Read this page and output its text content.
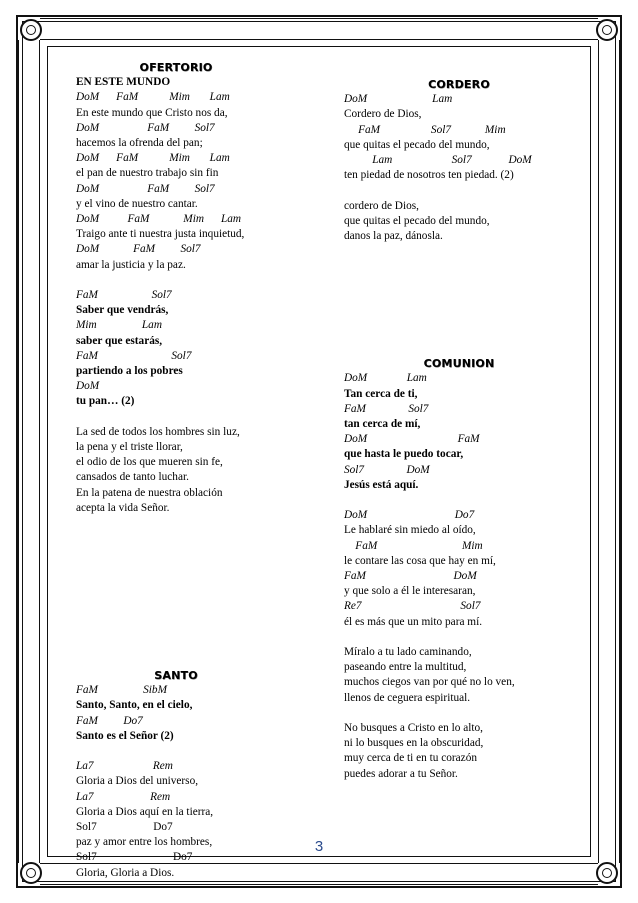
OFERTORIO
EN ESTE MUNDO
DoM      FaM           Mim       Lam
En este mundo que Cristo nos da,
DoM                 FaM         Sol7
hacemos la ofrenda del pan;
DoM      FaM           Mim       Lam
el pan de nuestro trabajo sin fin
DoM                 FaM         Sol7
y el vino de nuestro cantar.
DoM          FaM            Mim      Lam
Traigo ante ti nuestra justa inquietud,
DoM            FaM         Sol7
amar la justicia y la paz.
FaM                   Sol7
Saber que vendrás,
Mim                Lam
saber que estarás,
FaM                          Sol7
partiendo a los pobres
DoM
tu pan… (2)
La sed de todos los hombres sin luz,
la pena y el triste llorar,
el odio de los que mueren sin fe,
cansados de tanto luchar.
En la patena de nuestra oblación
acepta la vida Señor.
SANTO
FaM                SibM
Santo, Santo, en el cielo,
FaM         Do7
Santo es el Señor (2)
La7                     Rem
Gloria a Dios del universo,
La7                    Rem
Gloria a Dios aquí en la tierra,
Sol7                    Do7
paz y amor entre los hombres,
Sol7                           Do7
Gloria, Gloria a Dios.
CORDERO
DoM                       Lam
Cordero de Dios,
FaM                  Sol7            Mim
que quitas el pecado del mundo,
Lam                     Sol7             DoM
ten piedad de nosotros ten piedad. (2)
cordero de Dios,
que quitas el pecado del mundo,
danos la paz, dánosla.
COMUNION
DoM              Lam
Tan cerca de ti,
FaM               Sol7
tan cerca de mí,
DoM                                FaM
que hasta le puedo tocar,
Sol7               DoM
Jesús está aquí.
DoM                               Do7
Le hablaré sin miedo al oído,
FaM                              Mim
le contare las cosa que hay en mí,
FaM                               DoM
y que solo a él le interesaran,
Re7                                   Sol7
él es más que un mito para mí.
Míralo a tu lado caminando,
paseando entre la multitud,
muchos ciegos van por qué no lo ven,
llenos de ceguera espiritual.
No busques a Cristo en lo alto,
ni lo busques en la obscuridad,
muy cerca de ti en tu corazón
puedes adorar a tu Señor.
3
